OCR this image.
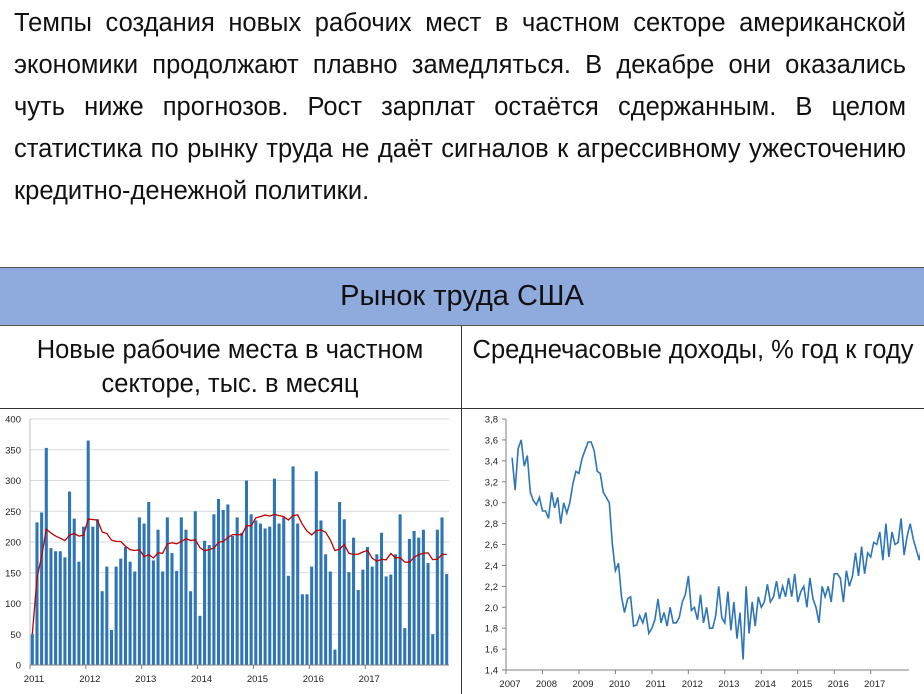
Темпы создания новых рабочих мест в частном секторе американской экономики продолжают плавно замедляться. В декабре они оказались чуть ниже прогнозов. Рост зарплат остаётся сдержанным. В целом статистика по рынку труда не даёт сигналов к агрессивному ужесточению кредитно-денежной политики.

Рынок труда США
Новые рабочие места в частном секторе, тыс. в месяц
Среднечасовые доходы, % год к году
0
50
100
150
200
250
300
350
400
2011	2012	2013	2014	2015	2016	2017
1,4
1,6
1,8
2,0
2,2
2,4
2,6
2,8
3,0
3,2
3,4
3,6
3,8
2007 2008 2009 2010 2011 2012 2013 2014 2015 2016 2017
